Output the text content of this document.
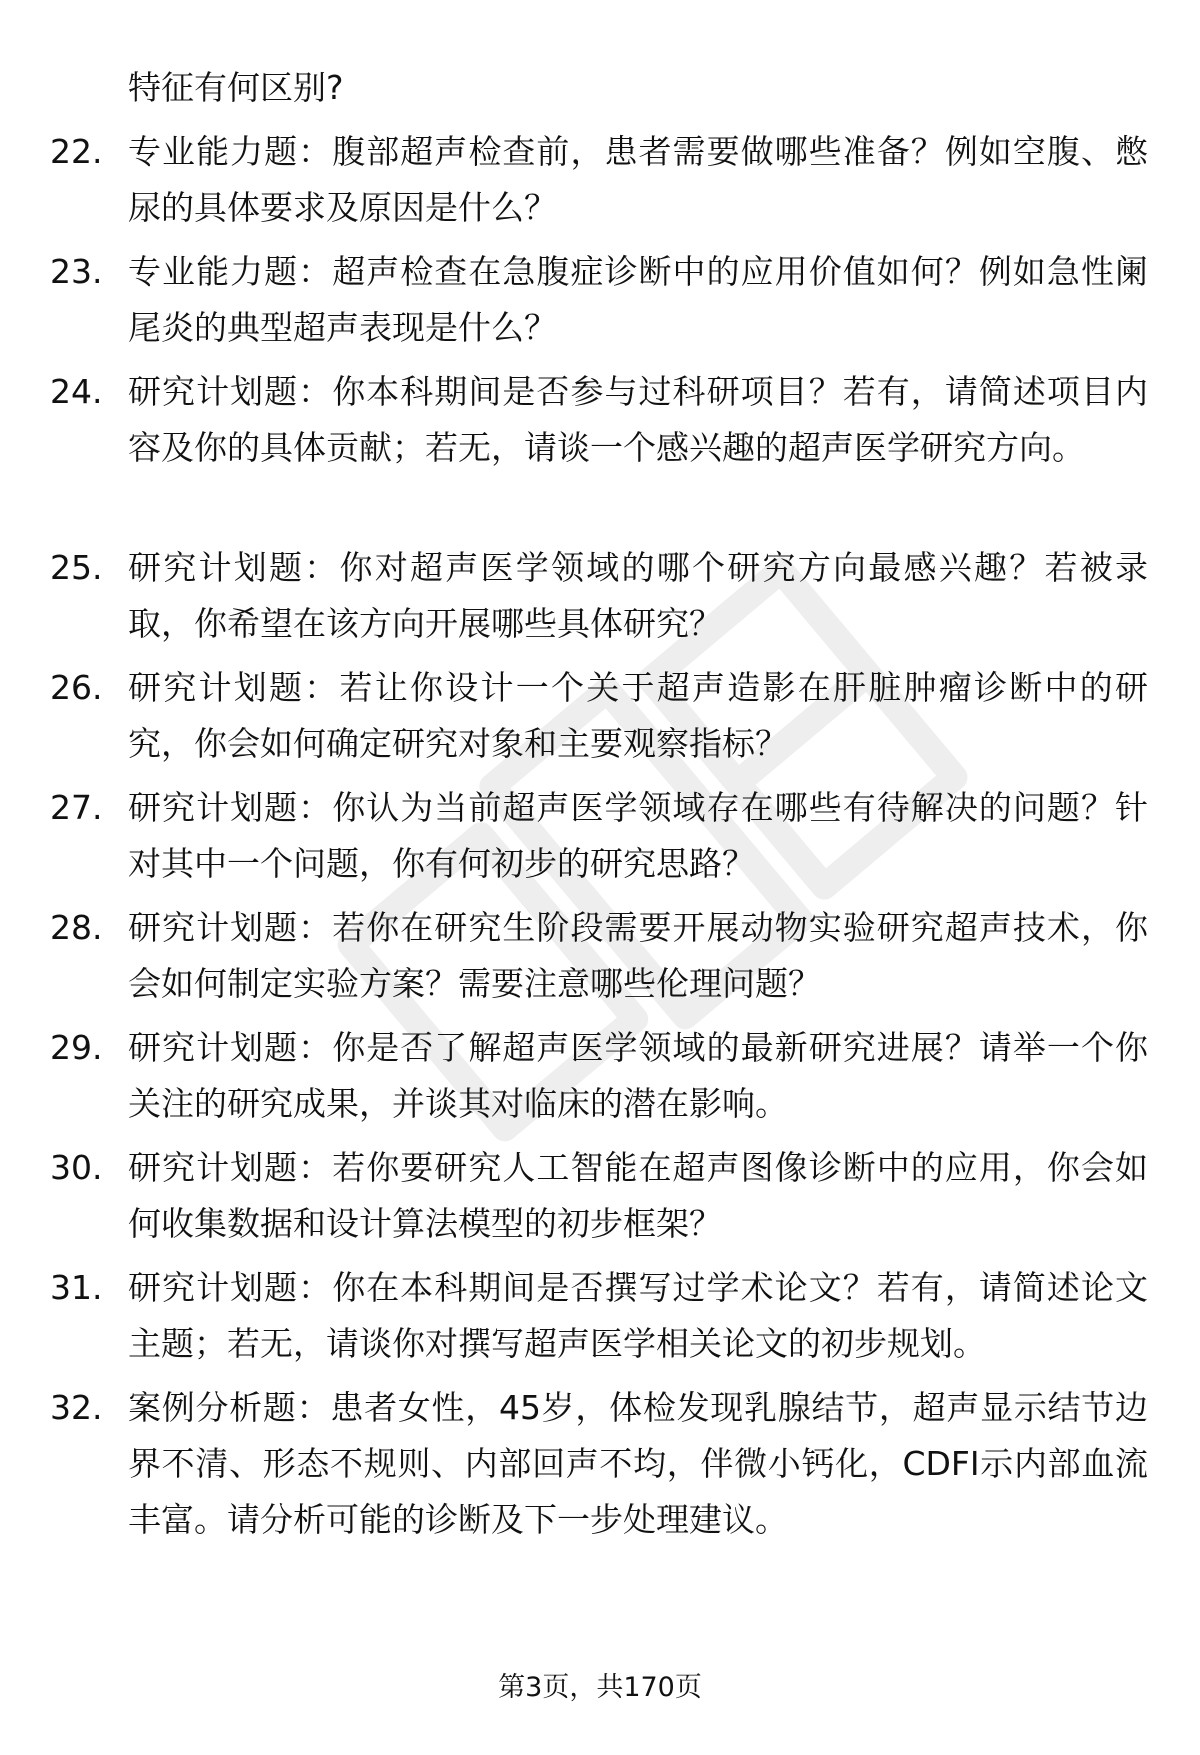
特征有何区别?
22. 专业能力题：腹部超声检查前，患者需要做哪些准备？例如空腹、憋尿的具体要求及原因是什么？
23. 专业能力题：超声检查在急腹症诊断中的应用价值如何？例如急性阑尾炎的典型超声表现是什么？
24. 研究计划题：你本科期间是否参与过科研项目？若有，请简述项目内容及你的具体贡献；若无，请谈一个感兴趣的超声医学研究方向。
25. 研究计划题：你对超声医学领域的哪个研究方向最感兴趣？若被录取，你希望在该方向开展哪些具体研究？
26. 研究计划题：若让你设计一个关于超声造影在肝脏肿瘤诊断中的研究，你会如何确定研究对象和主要观察指标？
27. 研究计划题：你认为当前超声医学领域存在哪些有待解决的问题？针对其中一个问题，你有何初步的研究思路？
28. 研究计划题：若你在研究生阶段需要开展动物实验研究超声技术，你会如何制定实验方案？需要注意哪些伦理问题？
29. 研究计划题：你是否了解超声医学领域的最新研究进展？请举一个你关注的研究成果，并谈其对临床的潜在影响。
30. 研究计划题：若你要研究人工智能在超声图像诊断中的应用，你会如何收集数据和设计算法模型的初步框架？
31. 研究计划题：你在本科期间是否撰写过学术论文？若有，请简述论文主题；若无，请谈你对撰写超声医学相关论文的初步规划。
32. 案例分析题：患者女性，45岁，体检发现乳腺结节，超声显示结节边界不清、形态不规则、内部回声不均，伴微小钙化，CDFI示内部血流丰富。请分析可能的诊断及下一步处理建议。
第3页，共170页
